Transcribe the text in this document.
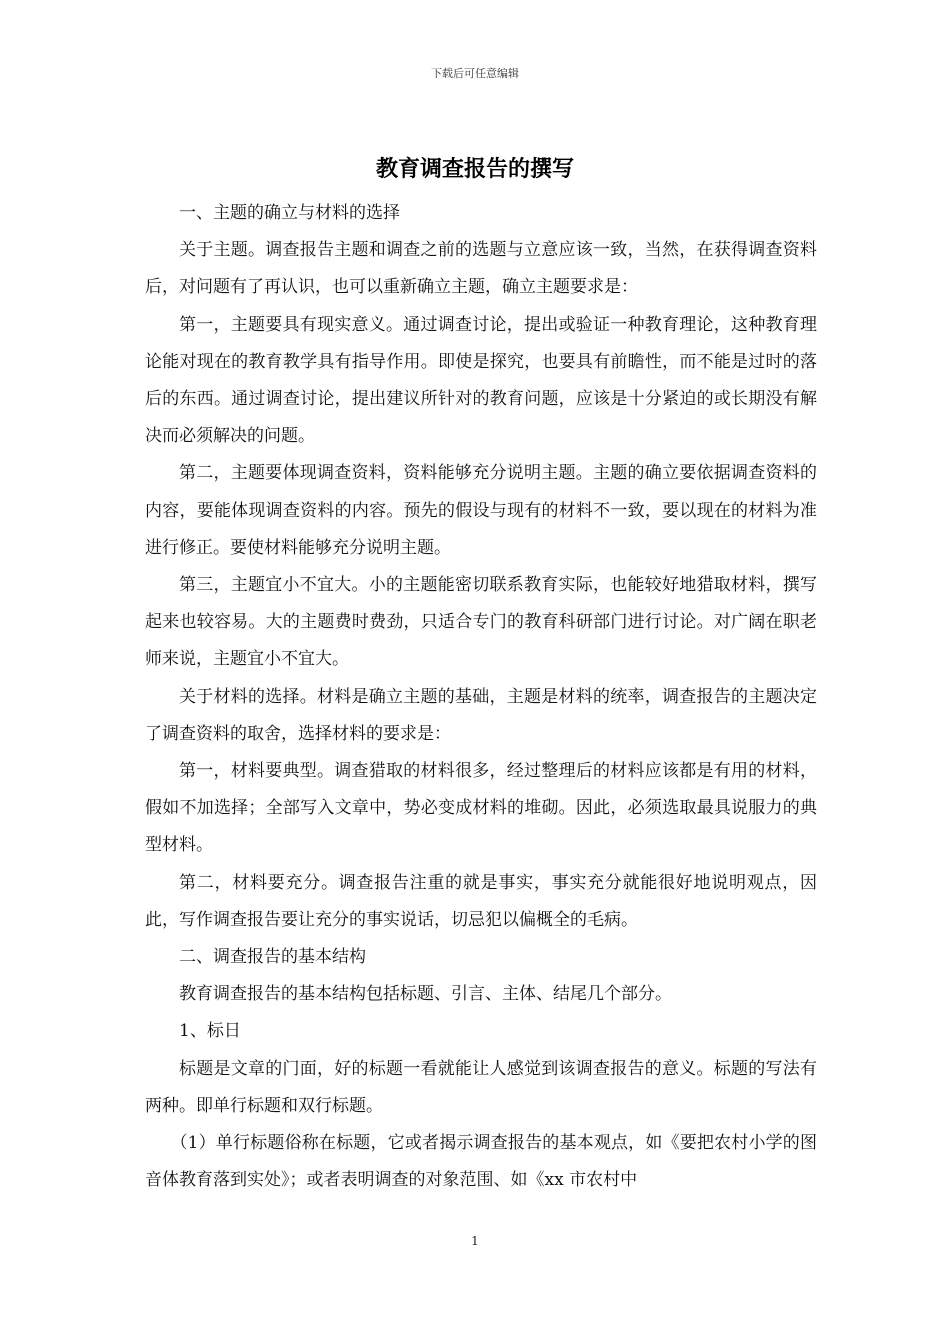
下载后可任意编辑
教育调查报告的撰写

一、主题的确立与材料的选择

关于主题。调查报告主题和调查之前的选题与立意应该一致，当然，在获得调查资料后，对问题有了再认识，也可以重新确立主题，确立主题要求是：

第一，主题要具有现实意义。通过调查讨论，提出或验证一种教育理论，这种教育理论能对现在的教育教学具有指导作用。即使是探究，也要具有前瞻性，而不能是过时的落后的东西。通过调查讨论，提出建议所针对的教育问题，应该是十分紧迫的或长期没有解决而必须解决的问题。

第二，主题要体现调查资料，资料能够充分说明主题。主题的确立要依据调查资料的内容，要能体现调查资料的内容。预先的假设与现有的材料不一致，要以现在的材料为准进行修正。要使材料能够充分说明主题。

第三，主题宜小不宜大。小的主题能密切联系教育实际，也能较好地猎取材料，撰写起来也较容易。大的主题费时费劲，只适合专门的教育科研部门进行讨论。对广阔在职老师来说，主题宜小不宜大。

关于材料的选择。材料是确立主题的基础，主题是材料的统率，调查报告的主题决定了调查资料的取舍，选择材料的要求是：

第一，材料要典型。调查猎取的材料很多，经过整理后的材料应该都是有用的材料，假如不加选择；全部写入文章中，势必变成材料的堆砌。因此，必须选取最具说服力的典型材料。

第二，材料要充分。调查报告注重的就是事实，事实充分就能很好地说明观点，因此，写作调查报告要让充分的事实说话，切忌犯以偏概全的毛病。

二、调查报告的基本结构

教育调查报告的基本结构包括标题、引言、主体、结尾几个部分。

1、标日

标题是文章的门面，好的标题一看就能让人感觉到该调查报告的意义。标题的写法有两种。即单行标题和双行标题。

（1）单行标题俗称在标题，它或者揭示调查报告的基本观点，如《要把农村小学的图音体教育落到实处》；或者表明调查的对象范围、如《xx 市农村中

1
